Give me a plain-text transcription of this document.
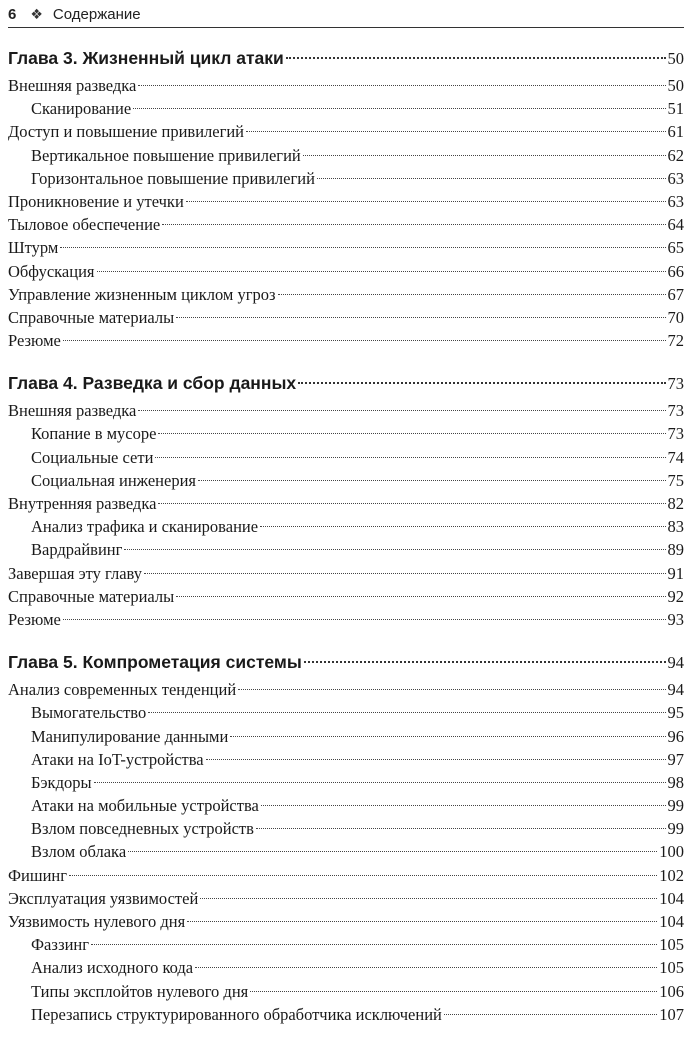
6 ❖ Содержание
Глава 3. Жизненный цикл атаки	50
Внешняя разведка	50
Сканирование	51
Доступ и повышение привилегий	61
Вертикальное повышение привилегий	62
Горизонтальное повышение привилегий	63
Проникновение и утечки	63
Тыловое обеспечение	64
Штурм	65
Обфускация	66
Управление жизненным циклом угроз	67
Справочные материалы	70
Резюме	72
Глава 4. Разведка и сбор данных	73
Внешняя разведка	73
Копание в мусоре	73
Социальные сети	74
Социальная инженерия	75
Внутренняя разведка	82
Анализ трафика и сканирование	83
Вардрайвинг	89
Завершая эту главу	91
Справочные материалы	92
Резюме	93
Глава 5. Компрометация системы	94
Анализ современных тенденций	94
Вымогательство	95
Манипулирование данными	96
Атаки на IoT-устройства	97
Бэкдоры	98
Атаки на мобильные устройства	99
Взлом повседневных устройств	99
Взлом облака	100
Фишинг	102
Эксплуатация уязвимостей	104
Уязвимость нулевого дня	104
Фаззинг	105
Анализ исходного кода	105
Типы эксплойтов нулевого дня	106
Перезапись структурированного обработчика исключений	107
